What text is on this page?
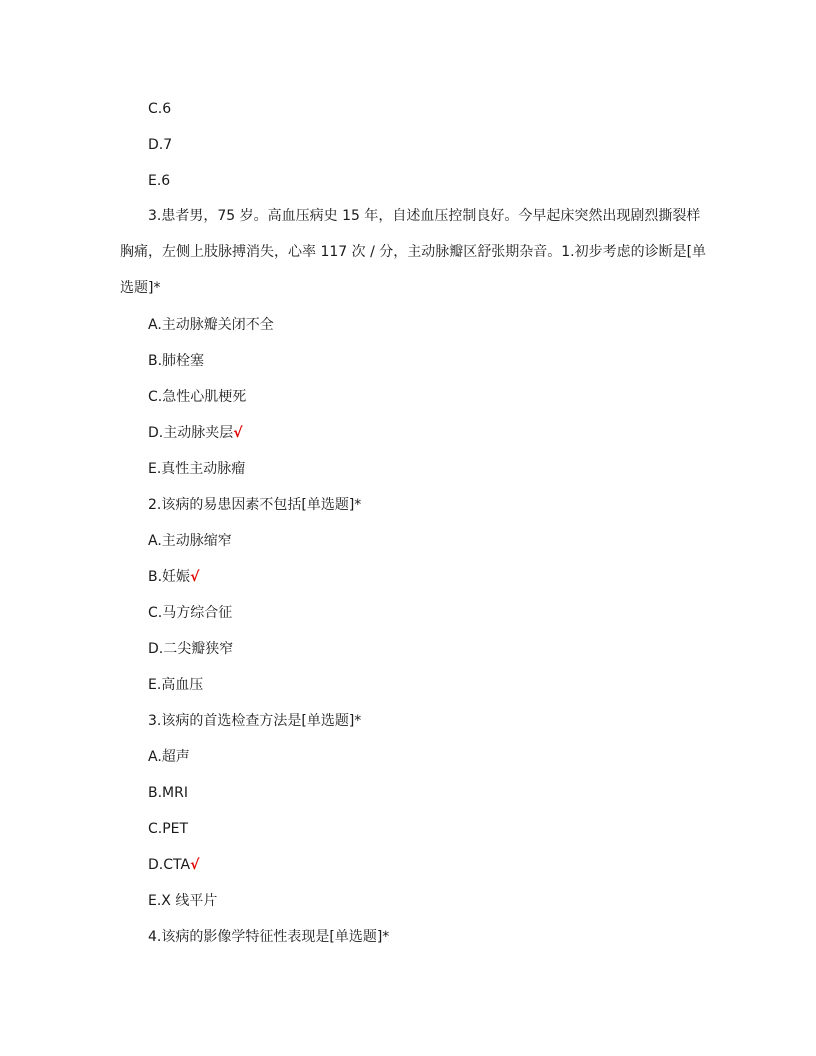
C.6
D.7
E.6
3.患者男，75 岁。高血压病史 15 年，自述血压控制良好。今早起床突然出现剧烈撕裂样胸痛，左侧上肢脉搏消失，心率 117 次 / 分，主动脉瓣区舒张期杂音。1.初步考虑的诊断是[单选题]*
A.主动脉瓣关闭不全
B.肺栓塞
C.急性心肌梗死
D.主动脉夹层√
E.真性主动脉瘤
2.该病的易患因素不包括[单选题]*
A.主动脉缩窄
B.妊娠√
C.马方综合征
D.二尖瓣狭窄
E.高血压
3.该病的首选检查方法是[单选题]*
A.超声
B.MRI
C.PET
D.CTA√
E.X 线平片
4.该病的影像学特征性表现是[单选题]*
